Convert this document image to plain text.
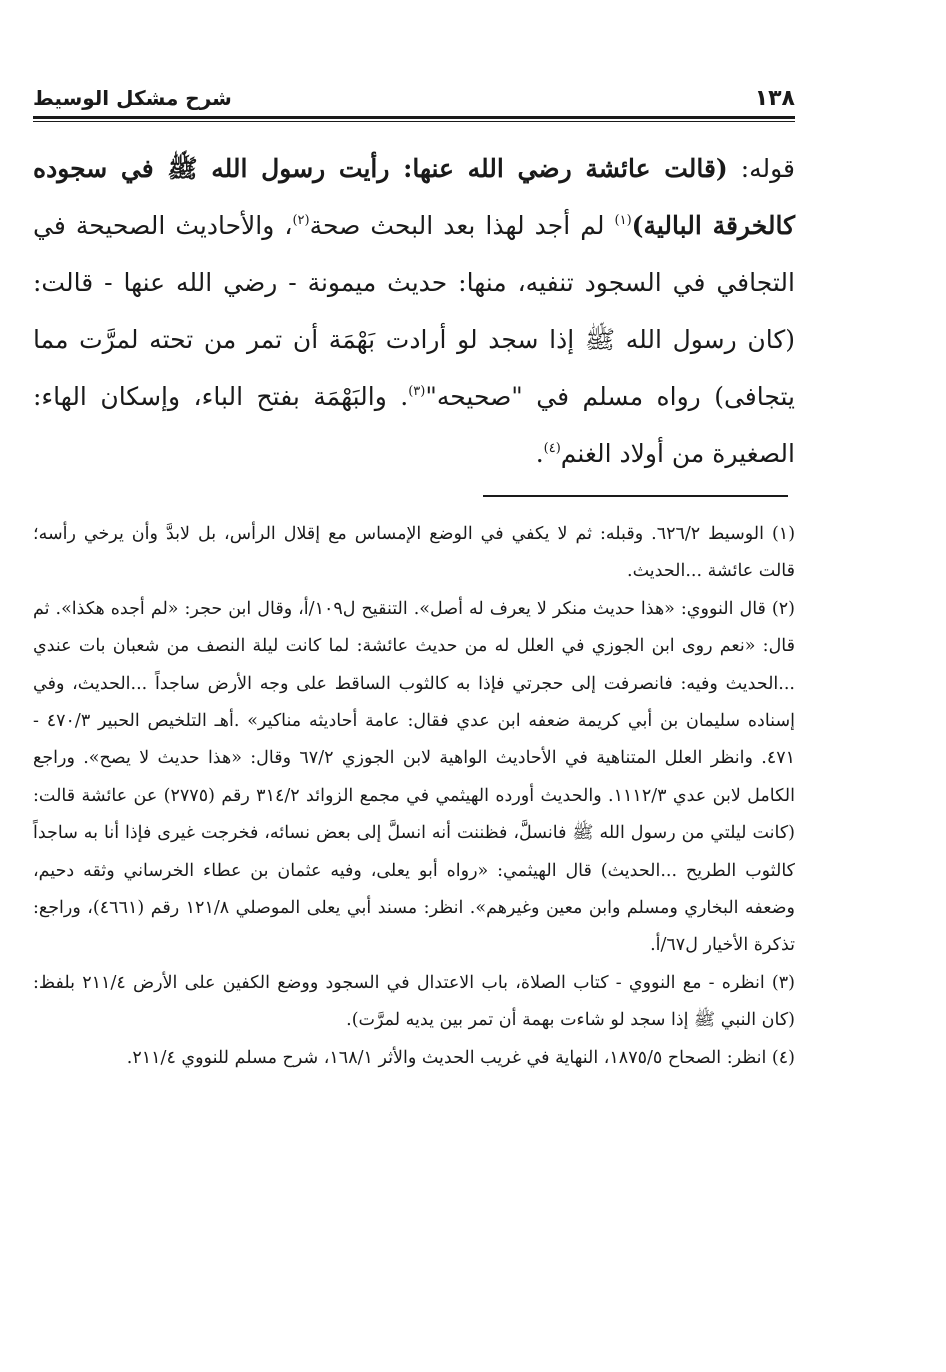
١٣٨
شرح مشكل الوسيط

قوله: (قالت عائشة رضي الله عنها: رأيت رسول الله ﷺ في سجوده كالخرقة البالية)$^{(١)}$ لم أجد لهذا بعد البحث صحة$^{(٢)}$، والأحاديث الصحيحة في التجافي في السجود تنفيه، منها: حديث ميمونة - رضي الله عنها - قالت: (كان رسول الله ﷺ إذا سجد لو أرادت بَهْمَة أن تمر من تحته لمرَّت مما يتجافى) رواه مسلم في "صحيحه"$^{(٣)}$. والبَهْمَة بفتح الباء، وإسكان الهاء: الصغيرة من أولاد الغنم$^{(٤)}$.

(١) الوسيط ٦٢٦/٢. وقبله: ثم لا يكفي في الوضع الإمساس مع إقلال الرأس، بل لابدَّ وأن يرخي رأسه؛ قالت عائشة ...الحديث.

(٢) قال النووي: «هذا حديث منكر لا يعرف له أصل». التنقيح ل١٠٩/أ، وقال ابن حجر: «لم أجده هكذا». ثم قال: «نعم روى ابن الجوزي في العلل له من حديث عائشة: لما كانت ليلة النصف من شعبان بات عندي ...الحديث وفيه: فانصرفت إلى حجرتي فإذا به كالثوب الساقط على وجه الأرض ساجداً ...الحديث، وفي إسناده سليمان بن أبي كريمة ضعفه ابن عدي فقال: عامة أحاديثه مناكير» .أهـ التلخيص الحبير ٤٧٠/٣ - ٤٧١. وانظر العلل المتناهية في الأحاديث الواهية لابن الجوزي ٦٧/٢ وقال: «هذا حديث لا يصح». وراجع الكامل لابن عدي ١١١٢/٣. والحديث أورده الهيثمي في مجمع الزوائد ٣١٤/٢ رقم (٢٧٧٥) عن عائشة قالت: (كانت ليلتي من رسول الله ﷺ فانسلَّ، فظننت أنه انسلَّ إلى بعض نسائه، فخرجت غيرى فإذا أنا به ساجداً كالثوب الطريح ...الحديث) قال الهيثمي: «رواه أبو يعلى، وفيه عثمان بن عطاء الخرساني وثقه دحيم، وضعفه البخاري ومسلم وابن معين وغيرهم». انظر: مسند أبي يعلى الموصلي ١٢١/٨ رقم (٤٦٦١)، وراجع: تذكرة الأخيار ل٦٧/أ.

(٣) انظره - مع النووي - كتاب الصلاة، باب الاعتدال في السجود ووضع الكفين على الأرض ٢١١/٤ بلفظ: (كان النبي ﷺ إذا سجد لو شاءت بهمة أن تمر بين يديه لمرَّت).

(٤) انظر: الصحاح ١٨٧٥/٥، النهاية في غريب الحديث والأثر ١٦٨/١، شرح مسلم للنووي ٢١١/٤.
